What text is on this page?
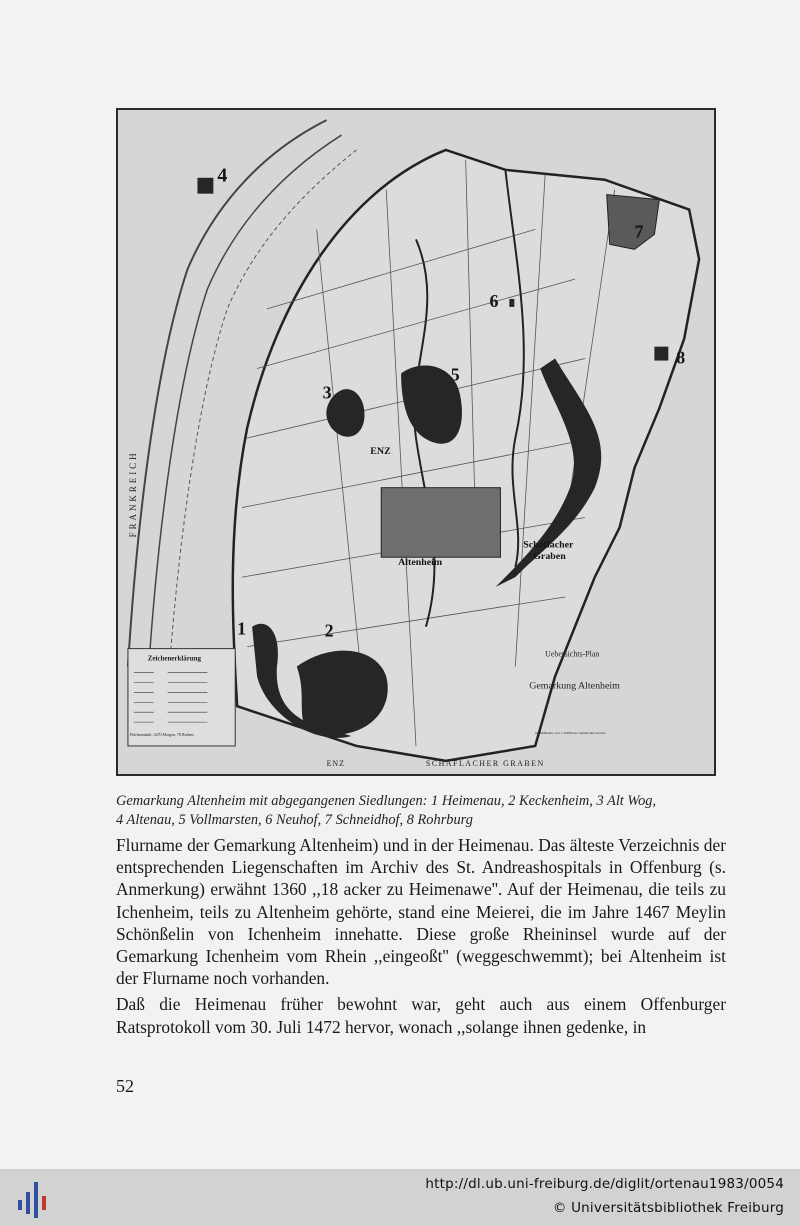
4
7
6
8
3
5
1	2
ENZ
Altenheim
Schaflacher
Graben
FRANKREICH
Zeichenerklärung
Flächeninhalt: 3470 Morgen. 78 Ruthen
Uebersichts-Plan
Gemarkung Altenheim
im Maßstabe von 1:10000 der natürlichen Grösse
ENZ	SCHAFLACHER GRABEN
Gemarkung Altenheim mit abgegangenen Siedlungen: 1 Heimenau, 2 Keckenheim, 3 Alt Wog,
4 Altenau, 5 Vollmarsten, 6 Neuhof, 7 Schneidhof, 8 Rohrburg

Flurname der Gemarkung Altenheim) und in der Heimenau. Das älteste Verzeichnis der entsprechenden Liegenschaften im Archiv des St. Andreashospitals in Offenburg (s. Anmerkung) erwähnt 1360 ,,18 acker zu Heimenawe''. Auf der Heimenau, die teils zu Ichenheim, teils zu Altenheim gehörte, stand eine Meierei, die im Jahre 1467 Meylin Schönßelin von Ichenheim innehatte. Diese große Rheininsel wurde auf der Gemarkung Ichenheim vom Rhein ,,eingeoßt'' (weggeschwemmt); bei Altenheim ist der Flurname noch vorhanden.

Daß die Heimenau früher bewohnt war, geht auch aus einem Offenburger Ratsprotokoll vom 30. Juli 1472 hervor, wonach ,,solange ihnen gedenke, in

52
http://dl.ub.uni-freiburg.de/diglit/ortenau1983/0054
© Universitätsbibliothek Freiburg
